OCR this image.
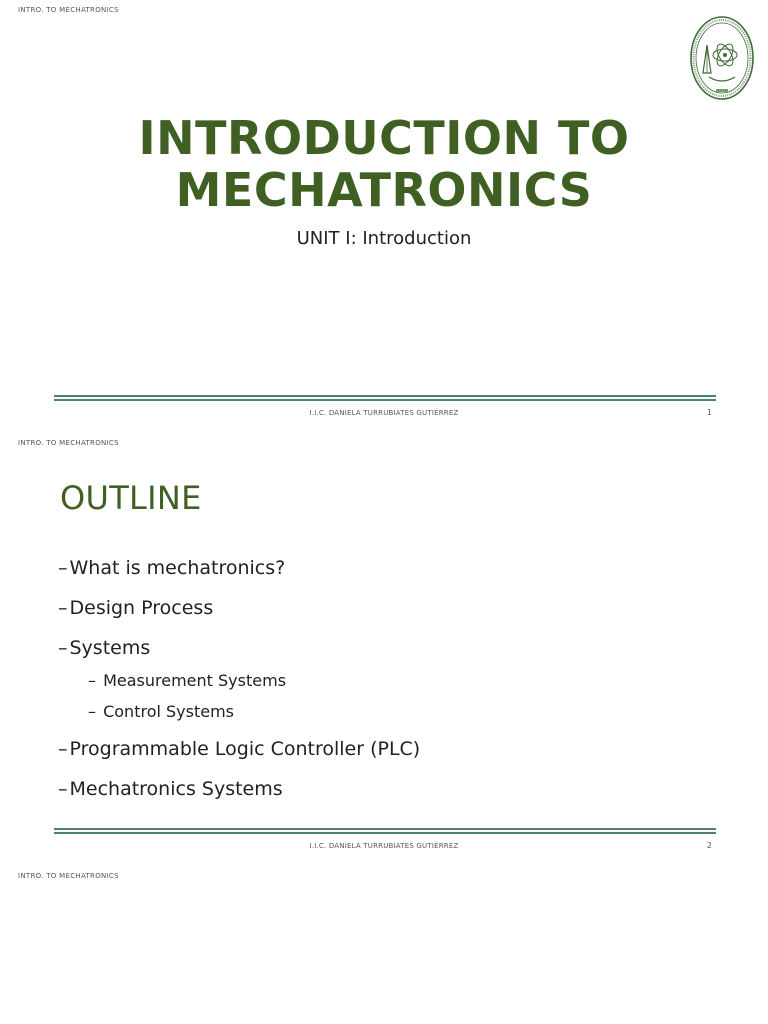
INTRO. TO MECHATRONICS
INTRODUCTION TO
MECHATRONICS
UNIT I: Introduction
I.I.C. DANIELA TURRUBIATES GUTIÉRREZ	1
INTRO. TO MECHATRONICS
OUTLINE
– What is mechatronics?
– Design Process
– Systems
– Measurement Systems
– Control Systems
– Programmable Logic Controller (PLC)
– Mechatronics Systems
I.I.C. DANIELA TURRUBIATES GUTIÉRREZ	2
INTRO. TO MECHATRONICS
